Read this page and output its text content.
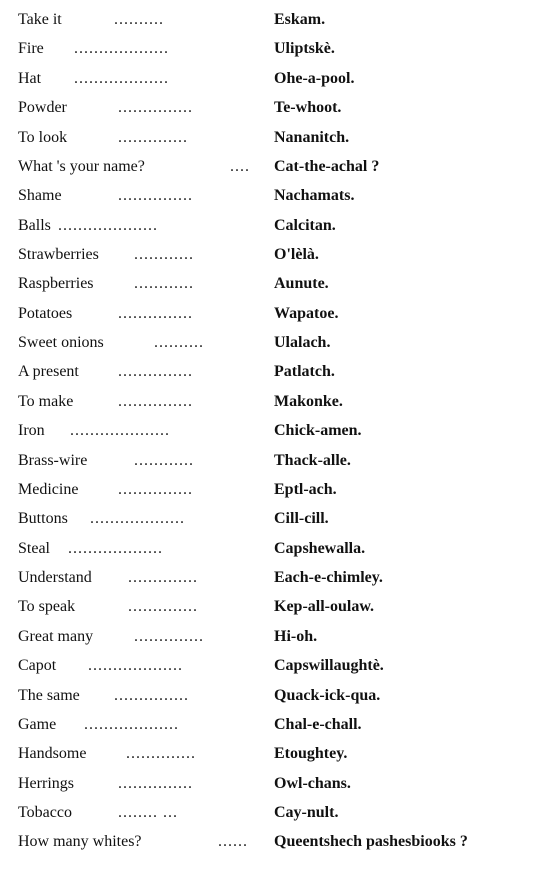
Take it	..........	Eskam.
Fire ...................	Uliptskè.
Hat ...................	Ohe-a-pool.
Powder	...............	Te-whoot.
To look	..............	Nananitch.
What 's your name?	.... Cat-the-achal ?
Shame	...............	Nachamats.
Balls ....................	Calcitan.
Strawberries ............	O'lèlà.
Raspberries	............	Aunute.
Potatoes	...............	Wapatoe.
Sweet onions	..........	Ulalach.
A present ...............	Patlatch.
To make	...............	Makonke.
Iron ....................	Chick-amen.
Brass-wire	............	Thack-alle.
Medicine ...............	Eptl-ach.
Buttons ...................	Cill-cill.
Steal ...................	Capshewalla.
Understand ..............	Each-e-chimley.
To speak	..............	Kep-all-oulaw.
Great many	..............	Hi-oh.
Capot ...................	Capswillaughtè.
The same ...............	Quack-ick-qua.
Game ...................	Chal-e-chall.
Handsome ..............	Etoughtey.
Herrings	...............	Owl-chans.
Tobacco	........ ...	Cay-nult.
How many whites?	...... Queentshech pashesbiooks ?
